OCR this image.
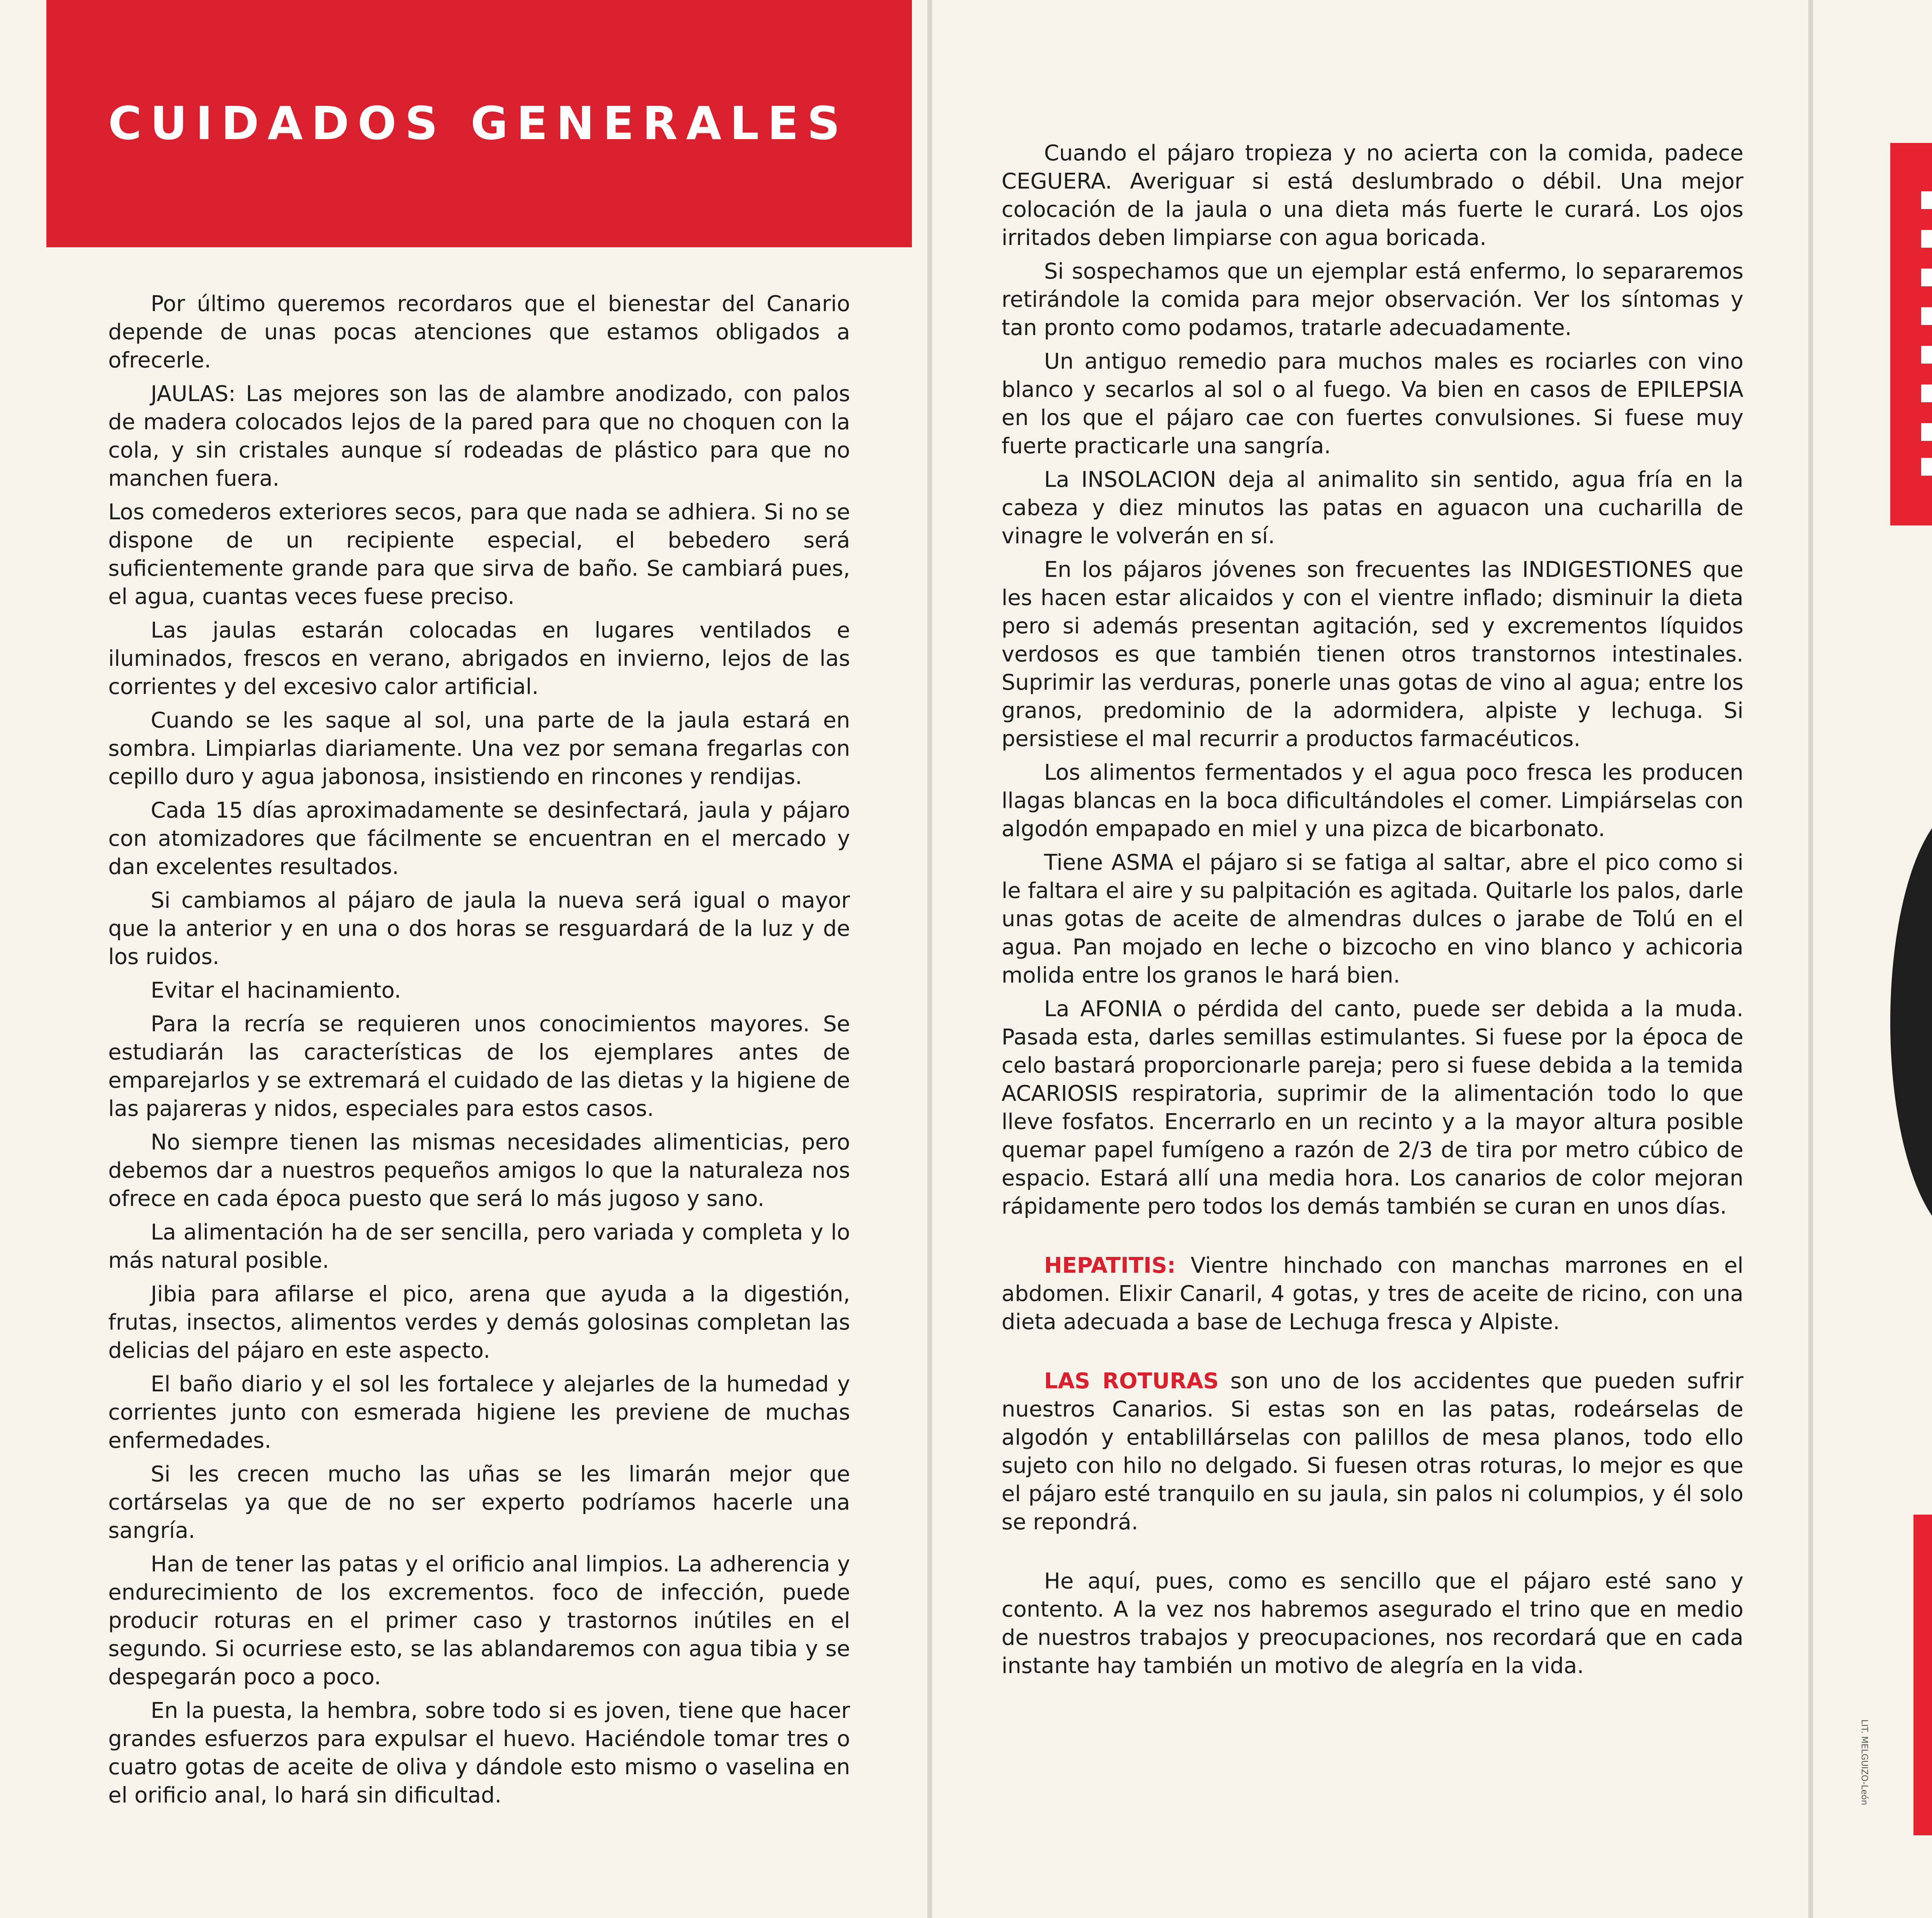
CUIDADOS GENERALES

Por último queremos recordaros que el bienestar del Canario depende de unas pocas atenciones que estamos obligados a ofrecerle.

JAULAS: Las mejores son las de alambre anodizado, con palos de madera colocados lejos de la pared para que no choquen con la cola, y sin cristales aunque sí rodeadas de plástico para que no manchen fuera.

Los comederos exteriores secos, para que nada se adhiera. Si no se dispone de un recipiente especial, el bebedero será suficientemente grande para que sirva de baño. Se cambiará pues, el agua, cuantas veces fuese preciso.

Las jaulas estarán colocadas en lugares ventilados e iluminados, frescos en verano, abrigados en invierno, lejos de las corrientes y del excesivo calor artificial.

Cuando se les saque al sol, una parte de la jaula estará en sombra. Limpiarlas diariamente. Una vez por semana fregarlas con cepillo duro y agua jabonosa, insistiendo en rincones y rendijas.

Cada 15 días aproximadamente se desinfectará, jaula y pájaro con atomizadores que fácilmente se encuentran en el mercado y dan excelentes resultados.

Si cambiamos al pájaro de jaula la nueva será igual o mayor que la anterior y en una o dos horas se resguardará de la luz y de los ruidos.

Evitar el hacinamiento.

Para la recría se requieren unos conocimientos mayores. Se estudiarán las características de los ejemplares antes de emparejarlos y se extremará el cuidado de las dietas y la higiene de las pajareras y nidos, especiales para estos casos.

No siempre tienen las mismas necesidades alimenticias, pero debemos dar a nuestros pequeños amigos lo que la naturaleza nos ofrece en cada época puesto que será lo más jugoso y sano.

La alimentación ha de ser sencilla, pero variada y completa y lo más natural posible.

Jibia para afilarse el pico, arena que ayuda a la digestión, frutas, insectos, alimentos verdes y demás golosinas completan las delicias del pájaro en este aspecto.

El baño diario y el sol les fortalece y alejarles de la humedad y corrientes junto con esmerada higiene les previene de muchas enfermedades.

Si les crecen mucho las uñas se les limarán mejor que cortárselas ya que de no ser experto podríamos hacerle una sangría.

Han de tener las patas y el orificio anal limpios. La adherencia y endurecimiento de los excrementos. foco de infección, puede producir roturas en el primer caso y trastornos inútiles en el segundo. Si ocurriese esto, se las ablandaremos con agua tibia y se despegarán poco a poco.

En la puesta, la hembra, sobre todo si es joven, tiene que hacer grandes esfuerzos para expulsar el huevo. Haciéndole tomar tres o cuatro gotas de aceite de oliva y dándole esto mismo o vaselina en el orificio anal, lo hará sin dificultad.

Cuando el pájaro tropieza y no acierta con la comida, padece CEGUERA. Averiguar si está deslumbrado o débil. Una mejor colocación de la jaula o una dieta más fuerte le curará. Los ojos irritados deben limpiarse con agua boricada.

Si sospechamos que un ejemplar está enfermo, lo separaremos retirándole la comida para mejor observación. Ver los síntomas y tan pronto como podamos, tratarle adecuadamente.

Un antiguo remedio para muchos males es rociarles con vino blanco y secarlos al sol o al fuego. Va bien en casos de EPILEPSIA en los que el pájaro cae con fuertes convulsiones. Si fuese muy fuerte practicarle una sangría.

La INSOLACION deja al animalito sin sentido, agua fría en la cabeza y diez minutos las patas en aguacon una cucharilla de vinagre le volverán en sí.

En los pájaros jóvenes son frecuentes las INDIGESTIONES que les hacen estar alicaidos y con el vientre inflado; disminuir la dieta pero si además presentan agitación, sed y excrementos líquidos verdosos es que también tienen otros transtornos intestinales. Suprimir las verduras, ponerle unas gotas de vino al agua; entre los granos, predominio de la adormidera, alpiste y lechuga. Si persistiese el mal recurrir a productos farmacéuticos.

Los alimentos fermentados y el agua poco fresca les producen llagas blancas en la boca dificultándoles el comer. Limpiárselas con algodón empapado en miel y una pizca de bicarbonato.

Tiene ASMA el pájaro si se fatiga al saltar, abre el pico como si le faltara el aire y su palpitación es agitada. Quitarle los palos, darle unas gotas de aceite de almendras dulces o jarabe de Tolú en el agua. Pan mojado en leche o bizcocho en vino blanco y achicoria molida entre los granos le hará bien.

La AFONIA o pérdida del canto, puede ser debida a la muda. Pasada esta, darles semillas estimulantes. Si fuese por la época de celo bastará proporcionarle pareja; pero si fuese debida a la temida ACARIOSIS respiratoria, suprimir de la alimentación todo lo que lleve fosfatos. Encerrarlo en un recinto y a la mayor altura posible quemar papel fumígeno a razón de 2/3 de tira por metro cúbico de espacio. Estará allí una media hora. Los canarios de color mejoran rápidamente pero todos los demás también se curan en unos días.

HEPATITIS: Vientre hinchado con manchas marrones en el abdomen. Elixir Canaril, 4 gotas, y tres de aceite de ricino, con una dieta adecuada a base de Lechuga fresca y Alpiste.

LAS ROTURAS son uno de los accidentes que pueden sufrir nuestros Canarios. Si estas son en las patas, rodeárselas de algodón y entablillárselas con palillos de mesa planos, todo ello sujeto con hilo no delgado. Si fuesen otras roturas, lo mejor es que el pájaro esté tranquilo en su jaula, sin palos ni columpios, y él solo se repondrá.

He aquí, pues, como es sencillo que el pájaro esté sano y contento. A la vez nos habremos asegurado el trino que en medio de nuestros trabajos y preocupaciones, nos recordará que en cada instante hay también un motivo de alegría en la vida.

LIT. MELGUIZO-León
